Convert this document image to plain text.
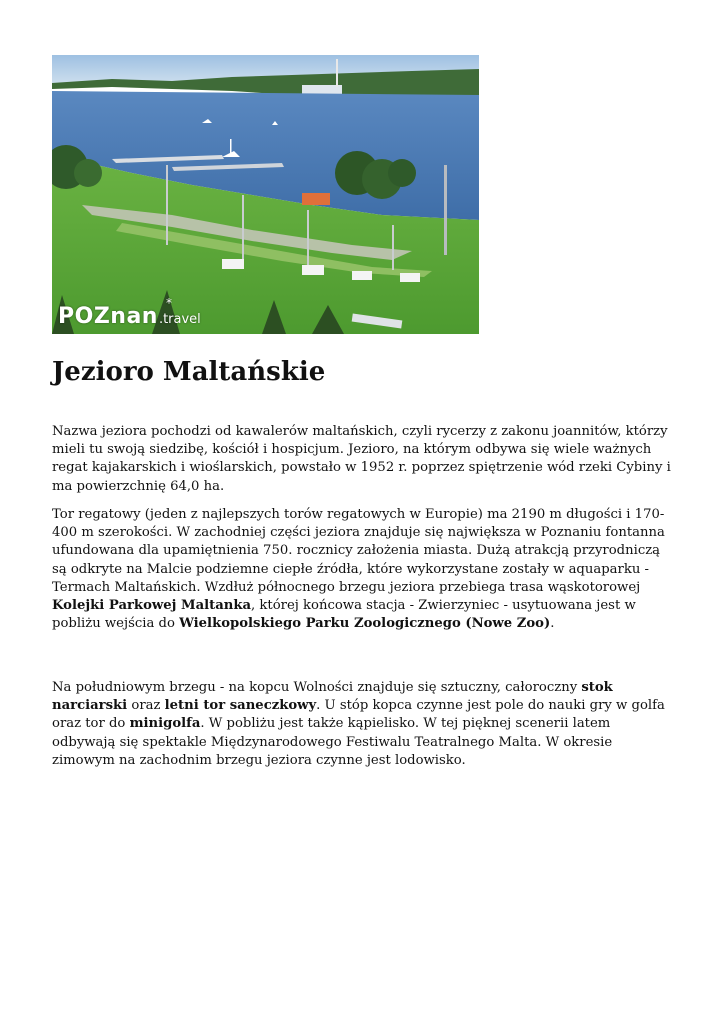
POZnan.travel
*
Jezioro Maltańskie

Nazwa jeziora pochodzi od kawalerów maltańskich, czyli rycerzy z zakonu joannitów, którzy mieli tu swoją siedzibę, kościół i hospicjum. Jezioro, na którym odbywa się wiele ważnych regat kajakarskich i wioślarskich, powstało w 1952 r. poprzez spiętrzenie wód rzeki Cybiny i ma powierzchnię 64,0 ha.

Tor regatowy (jeden z najlepszych torów regatowych w Europie) ma 2190 m długości i 170-400 m szerokości. W zachodniej części jeziora znajduje się największa w Poznaniu fontanna ufundowana dla upamiętnienia 750. rocznicy założenia miasta. Dużą atrakcją przyrodniczą są odkryte na Malcie podziemne ciepłe źródła, które wykorzystane zostały w aquaparku - Termach Maltańskich. Wzdłuż północnego brzegu jeziora przebiega trasa wąskotorowej Kolejki Parkowej Maltanka, której końcowa stacja - Zwierzyniec - usytuowana jest w pobliżu wejścia do Wielkopolskiego Parku Zoologicznego (Nowe Zoo).

Na południowym brzegu - na kopcu Wolności znajduje się sztuczny, całoroczny stok narciarski oraz letni tor saneczkowy. U stóp kopca czynne jest pole do nauki gry w golfa oraz tor do minigolfa. W pobliżu jest także kąpielisko. W tej pięknej scenerii latem odbywają się spektakle Międzynarodowego Festiwalu Teatralnego Malta. W okresie zimowym na zachodnim brzegu jeziora czynne jest lodowisko.
